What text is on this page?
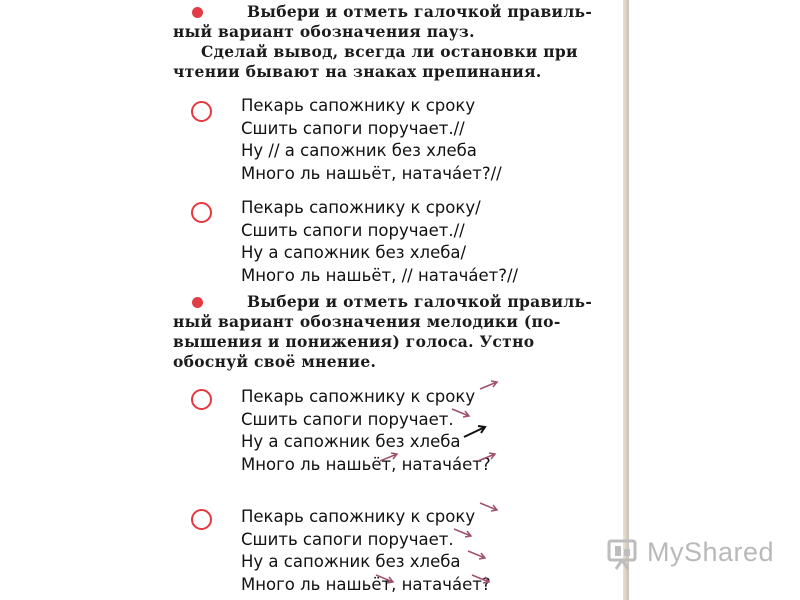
Выбери и отметь галочкой правиль-
ный вариант обозначения пауз.
Сделай вывод, всегда ли остановки при
чтении бывают на знаках препинания.
Пекарь сапожнику к сроку
Сшить сапоги поручает.//
Ну // а сапожник без хлеба
Много ль нашьёт, натача́ет?//
Пекарь сапожнику к сроку/
Сшить сапоги поручает.//
Ну а сапожник без хлеба/
Много ль нашьёт, // натача́ет?//
Выбери и отметь галочкой правиль-
ный вариант обозначения мелодики (по-
вышения и понижения) голоса. Устно
обоснуй своё мнение.
Пекарь сапожнику к сроку
Сшить сапоги поручает.
Ну а сапожник без хлеба
Много ль нашьёт, натача́ет?
Пекарь сапожнику к сроку
Сшить сапоги поручает.
Ну а сапожник без хлеба
Много ль нашьёт, натача́ет?
MyShared
